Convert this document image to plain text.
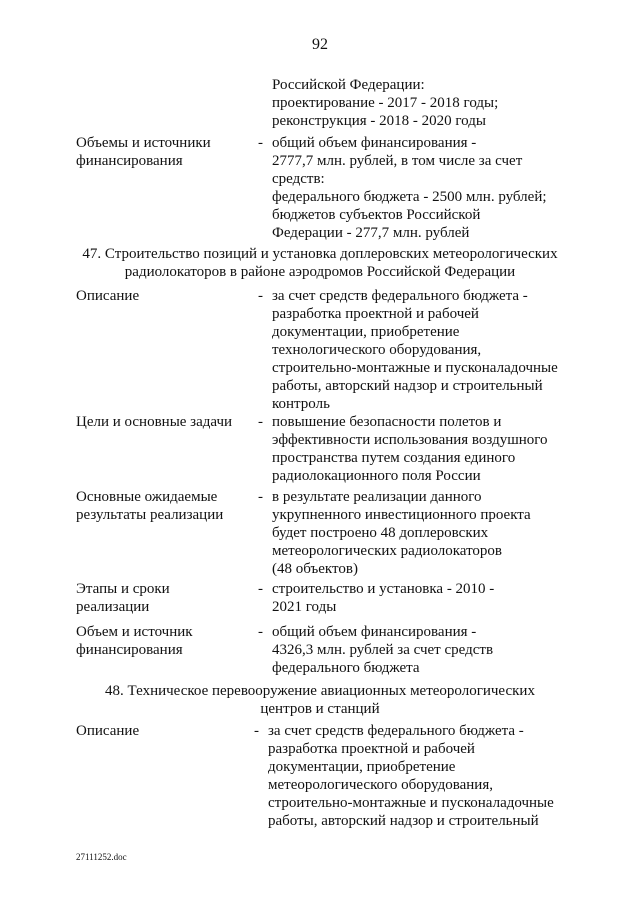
92
Российской Федерации:
проектирование - 2017 - 2018 годы;
реконструкция - 2018 - 2020 годы
Объемы и источники
финансирования
- общий объем финансирования -
2777,7 млн. рублей, в том числе за счет
средств:
федерального бюджета - 2500 млн. рублей;
бюджетов субъектов Российской
Федерации - 277,7 млн. рублей
47. Строительство позиций и установка доплеровских метеорологических
радиолокаторов в районе аэродромов Российской Федерации
Описание	- за счет средств федерального бюджета -
разработка проектной и рабочей
документации, приобретение
технологического оборудования,
строительно-монтажные и пусконаладочные
работы, авторский надзор и строительный
контроль
Цели и основные задачи	- повышение безопасности полетов и
эффективности использования воздушного
пространства путем создания единого
радиолокационного поля России
Основные ожидаемые
результаты реализации
- в результате реализации данного
укрупненного инвестиционного проекта
будет построено 48 доплеровских
метеорологических радиолокаторов
(48 объектов)
Этапы и сроки
реализации
- строительство и установка - 2010 -
2021 годы
Объем и источник
финансирования
- общий объем финансирования -
4326,3 млн. рублей за счет средств
федерального бюджета
48. Техническое перевооружение авиационных метеорологических
центров и станций
Описание	- за счет средств федерального бюджета -
разработка проектной и рабочей
документации, приобретение
метеорологического оборудования,
строительно-монтажные и пусконаладочные
работы, авторский надзор и строительный
27111252.doc
